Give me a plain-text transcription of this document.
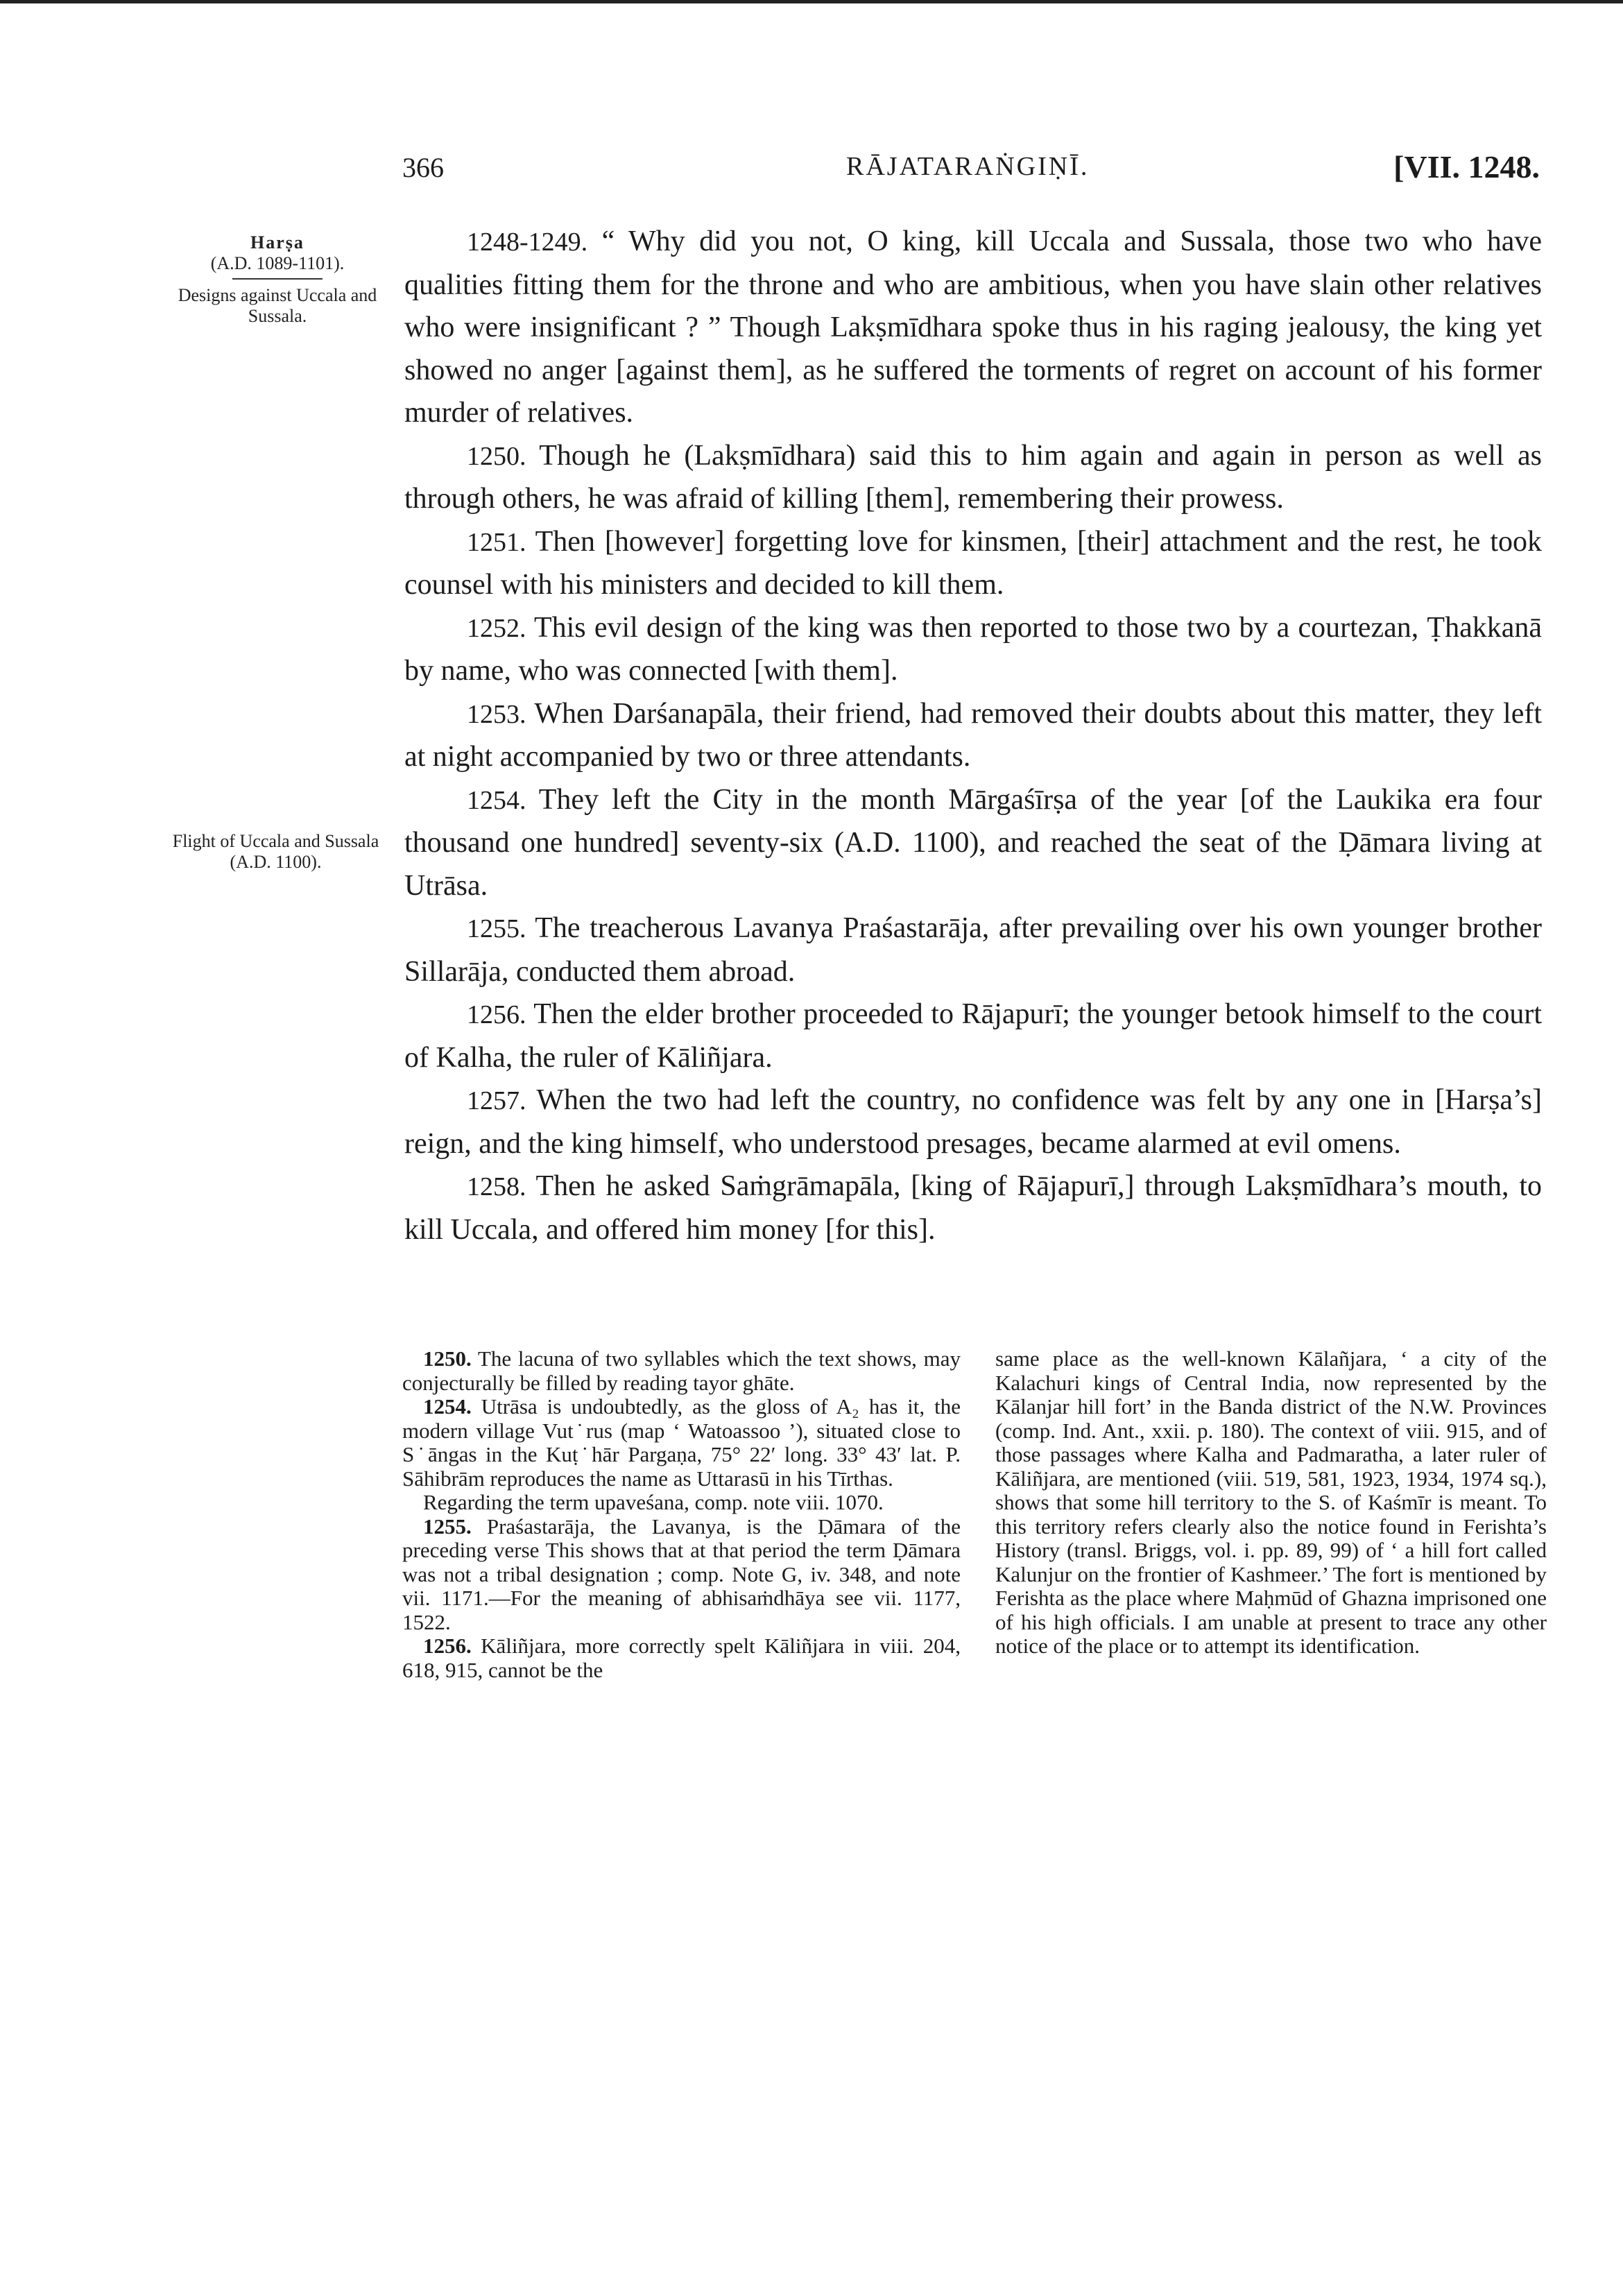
366	RĀJATARAṄGIṆĪ.	[VII. 1248.
Harṣa
(A.D. 1089-1101).
Designs against Uccala and Sussala.
Flight of Uccala and Sussala (A.D. 1100).

1248-1249. “ Why did you not, O king, kill Uccala and Sussala, those two who have qualities fitting them for the throne and who are ambitious, when you have slain other relatives who were insignificant ? ” Though Lakṣmīdhara spoke thus in his raging jealousy, the king yet showed no anger [against them], as he suffered the torments of regret on account of his former murder of relatives.

1250. Though he (Lakṣmīdhara) said this to him again and again in person as well as through others, he was afraid of killing [them], remembering their prowess.

1251. Then [however] forgetting love for kinsmen, [their] attachment and the rest, he took counsel with his ministers and decided to kill them.

1252. This evil design of the king was then reported to those two by a courtezan, Ṭhakkanā by name, who was connected [with them].

1253. When Darśanapāla, their friend, had removed their doubts about this matter, they left at night accompanied by two or three attendants.

1254. They left the City in the month Mārgaśīrṣa of the year [of the Laukika era four thousand one hundred] seventy-six (A.D. 1100), and reached the seat of the Ḍāmara living at Utrāsa.

1255. The treacherous Lavanya Praśastarāja, after prevailing over his own younger brother Sillarāja, conducted them abroad.

1256. Then the elder brother proceeded to Rājapurī; the younger betook himself to the court of Kalha, the ruler of Kāliñjara.

1257. When the two had left the country, no confidence was felt by any one in [Harṣa’s] reign, and the king himself, who understood presages, became alarmed at evil omens.

1258. Then he asked Saṁgrāmapāla, [king of Rājapurī,] through Lakṣmīdhara’s mouth, to kill Uccala, and offered him money [for this].

1250. The lacuna of two syllables which the text shows, may conjecturally be filled by reading tayor ghāte.

1254. Utrāsa is undoubtedly, as the gloss of A₂ has it, the modern village Vut˙rus (map ‘ Watoassoo ’), situated close to S˙āngas in the Kuṭ˙hār Pargaṇa, 75° 22′ long. 33° 43′ lat. P. Sāhibrām reproduces the name as Uttarasū in his Tīrthas.

Regarding the term upaveśana, comp. note viii. 1070.

1255. Praśastarāja, the Lavanya, is the Ḍāmara of the preceding verse This shows that at that period the term Ḍāmara was not a tribal designation ; comp. Note G, iv. 348, and note vii. 1171.—For the meaning of abhisaṁdhāya see vii. 1177, 1522.

1256. Kāliñjara, more correctly spelt Kāliñjara in viii. 204, 618, 915, cannot be the

same place as the well-known Kālañjara, ‘ a city of the Kalachuri kings of Central India, now represented by the Kālanjar hill fort’ in the Banda district of the N.W. Provinces (comp. Ind. Ant., xxii. p. 180). The context of viii. 915, and of those passages where Kalha and Padmaratha, a later ruler of Kāliñjara, are mentioned (viii. 519, 581, 1923, 1934, 1974 sq.), shows that some hill territory to the S. of Kaśmīr is meant. To this territory refers clearly also the notice found in Ferishta’s History (transl. Briggs, vol. i. pp. 89, 99) of ‘ a hill fort called Kalunjur on the frontier of Kashmeer.’ The fort is mentioned by Ferishta as the place where Maḥmūd of Ghazna imprisoned one of his high officials. I am unable at present to trace any other notice of the place or to attempt its identification.
